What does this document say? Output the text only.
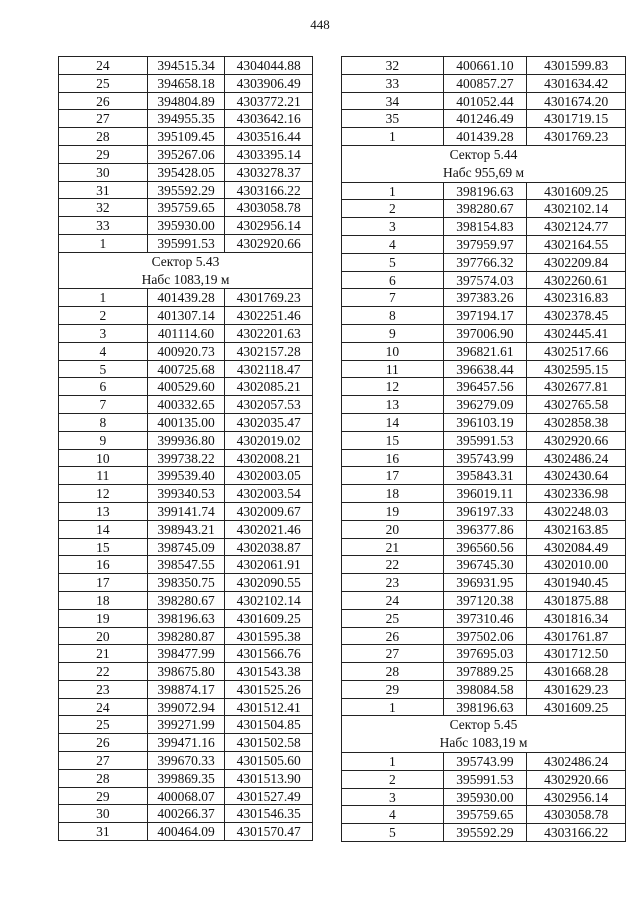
448
24	394515.34	4304044.88
25	394658.18	4303906.49
26	394804.89	4303772.21
27	394955.35	4303642.16
28	395109.45	4303516.44
29	395267.06	4303395.14
30	395428.05	4303278.37
31	395592.29	4303166.22
32	395759.65	4303058.78
33	395930.00	4302956.14
1	395991.53	4302920.66
Сектор 5.43
Набс 1083,19 м
1	401439.28	4301769.23
2	401307.14	4302251.46
3	401114.60	4302201.63
4	400920.73	4302157.28
5	400725.68	4302118.47
6	400529.60	4302085.21
7	400332.65	4302057.53
8	400135.00	4302035.47
9	399936.80	4302019.02
10	399738.22	4302008.21
11	399539.40	4302003.05
12	399340.53	4302003.54
13	399141.74	4302009.67
14	398943.21	4302021.46
15	398745.09	4302038.87
16	398547.55	4302061.91
17	398350.75	4302090.55
18	398280.67	4302102.14
19	398196.63	4301609.25
20	398280.87	4301595.38
21	398477.99	4301566.76
22	398675.80	4301543.38
23	398874.17	4301525.26
24	399072.94	4301512.41
25	399271.99	4301504.85
26	399471.16	4301502.58
27	399670.33	4301505.60
28	399869.35	4301513.90
29	400068.07	4301527.49
30	400266.37	4301546.35
31	400464.09	4301570.47
32	400661.10	4301599.83
33	400857.27	4301634.42
34	401052.44	4301674.20
35	401246.49	4301719.15
1	401439.28	4301769.23
Сектор 5.44
Набс 955,69 м
1	398196.63	4301609.25
2	398280.67	4302102.14
3	398154.83	4302124.77
4	397959.97	4302164.55
5	397766.32	4302209.84
6	397574.03	4302260.61
7	397383.26	4302316.83
8	397194.17	4302378.45
9	397006.90	4302445.41
10	396821.61	4302517.66
11	396638.44	4302595.15
12	396457.56	4302677.81
13	396279.09	4302765.58
14	396103.19	4302858.38
15	395991.53	4302920.66
16	395743.99	4302486.24
17	395843.31	4302430.64
18	396019.11	4302336.98
19	396197.33	4302248.03
20	396377.86	4302163.85
21	396560.56	4302084.49
22	396745.30	4302010.00
23	396931.95	4301940.45
24	397120.38	4301875.88
25	397310.46	4301816.34
26	397502.06	4301761.87
27	397695.03	4301712.50
28	397889.25	4301668.28
29	398084.58	4301629.23
1	398196.63	4301609.25
Сектор 5.45
Набс 1083,19 м
1	395743.99	4302486.24
2	395991.53	4302920.66
3	395930.00	4302956.14
4	395759.65	4303058.78
5	395592.29	4303166.22
